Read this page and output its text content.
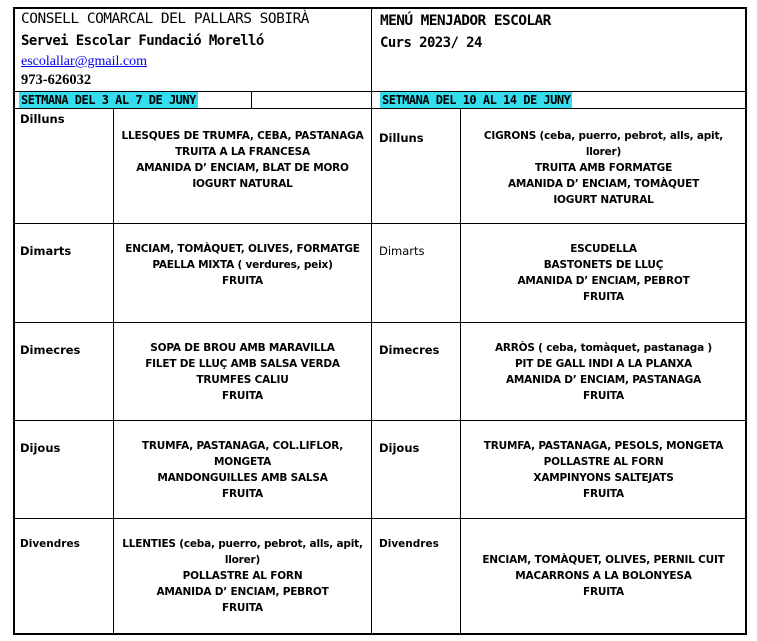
CONSELL COMARCAL DEL PALLARS SOBIRÀ
Servei Escolar Fundació Morelló
escolallar@gmail.com
973-626032
MENÚ MENJADOR ESCOLAR
Curs 2023/ 24
SETMANA DEL 3 AL 7 DE JUNY	SETMANA DEL 10 AL 14 DE JUNY
Dilluns
Dimarts
Dimecres
Dijous
Divendres
Dilluns
Dimarts
Dimecres
Dijous
Divendres
LLESQUES DE TRUMFA, CEBA, PASTANAGA
TRUITA A LA FRANCESA
AMANIDA D’ ENCIAM, BLAT DE MORO
IOGURT NATURAL
ENCIAM, TOMÀQUET, OLIVES, FORMATGE
PAELLA MIXTA ( verdures, peix)
FRUITA
SOPA DE BROU AMB MARAVILLA
FILET DE LLUÇ AMB SALSA VERDA
TRUMFES CALIU
FRUITA
TRUMFA, PASTANAGA, COL.LIFLOR,
MONGETA
MANDONGUILLES AMB SALSA
FRUITA
LLENTIES (ceba, puerro, pebrot, alls, apit,
llorer)
POLLASTRE AL FORN
AMANIDA D’ ENCIAM, PEBROT
FRUITA
CIGRONS (ceba, puerro, pebrot, alls, apit,
llorer)
TRUITA AMB FORMATGE
AMANIDA D’ ENCIAM, TOMÀQUET
IOGURT NATURAL
ESCUDELLA
BASTONETS DE LLUÇ
AMANIDA D’ ENCIAM, PEBROT
FRUITA
ARRÒS ( ceba, tomàquet, pastanaga )
PIT DE GALL INDI A LA PLANXA
AMANIDA D’ ENCIAM, PASTANAGA
FRUITA
TRUMFA, PASTANAGA, PESOLS, MONGETA
POLLASTRE AL FORN
XAMPINYONS SALTEJATS
FRUITA
ENCIAM, TOMÀQUET, OLIVES, PERNIL CUIT
MACARRONS A LA BOLONYESA
FRUITA
